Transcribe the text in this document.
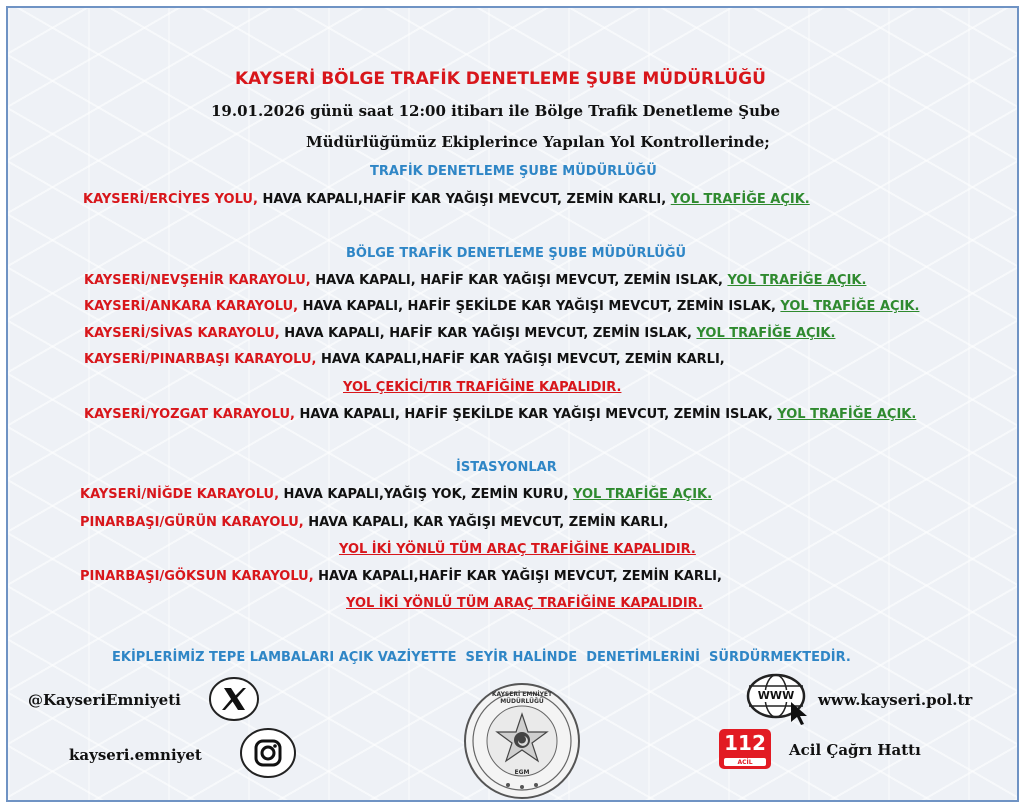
KAYSERİ BÖLGE TRAFİK DENETLEME ŞUBE MÜDÜRLÜĞÜ
19.01.2026 günü saat 12:00 itibarı ile Bölge Trafik Denetleme Şube
Müdürlüğümüz Ekiplerince Yapılan Yol Kontrollerinde;
TRAFİK DENETLEME ŞUBE MÜDÜRLÜĞÜ
KAYSERİ/ERCİYES YOLU, HAVA KAPALI,HAFİF KAR YAĞIŞI MEVCUT, ZEMİN KARLI, YOL TRAFİĞE AÇIK.
BÖLGE TRAFİK DENETLEME ŞUBE MÜDÜRLÜĞÜ
KAYSERİ/NEVŞEHİR KARAYOLU, HAVA KAPALI, HAFİF KAR YAĞIŞI MEVCUT, ZEMİN ISLAK, YOL TRAFİĞE AÇIK.
KAYSERİ/ANKARA KARAYOLU, HAVA KAPALI, HAFİF ŞEKİLDE KAR YAĞIŞI MEVCUT, ZEMİN ISLAK, YOL TRAFİĞE AÇIK.
KAYSERİ/SİVAS KARAYOLU, HAVA KAPALI, HAFİF KAR YAĞIŞI MEVCUT, ZEMİN ISLAK, YOL TRAFİĞE AÇIK.
KAYSERİ/PINARBAŞI KARAYOLU, HAVA KAPALI,HAFİF KAR YAĞIŞI MEVCUT, ZEMİN KARLI,
YOL ÇEKİCİ/TIR TRAFİĞİNE KAPALIDIR.
KAYSERİ/YOZGAT KARAYOLU, HAVA KAPALI, HAFİF ŞEKİLDE KAR YAĞIŞI MEVCUT, ZEMİN ISLAK, YOL TRAFİĞE AÇIK.
İSTASYONLAR
KAYSERİ/NİĞDE KARAYOLU, HAVA KAPALI,YAĞIŞ YOK, ZEMİN KURU, YOL TRAFİĞE AÇIK.
PINARBAŞI/GÜRÜN KARAYOLU, HAVA KAPALI, KAR YAĞIŞI MEVCUT, ZEMİN KARLI,
YOL İKİ YÖNLÜ TÜM ARAÇ TRAFİĞİNE KAPALIDIR.
PINARBAŞI/GÖKSUN KARAYOLU, HAVA KAPALI,HAFİF KAR YAĞIŞI MEVCUT, ZEMİN KARLI,
YOL İKİ YÖNLÜ TÜM ARAÇ TRAFİĞİNE KAPALIDIR.
EKİPLERİMİZ TEPE LAMBALARI AÇIK VAZİYETTE  SEYİR HALİNDE  DENETİMLERİNİ  SÜRDÜRMEKTEDİR.
@KayseriEmniyeti
kayseri.emniyet
KAYSERİ EMNİYET MÜDÜRLÜĞÜ
EGM
WWW www.kayseri.pol.tr
112
ACİL
Acil Çağrı Hattı
